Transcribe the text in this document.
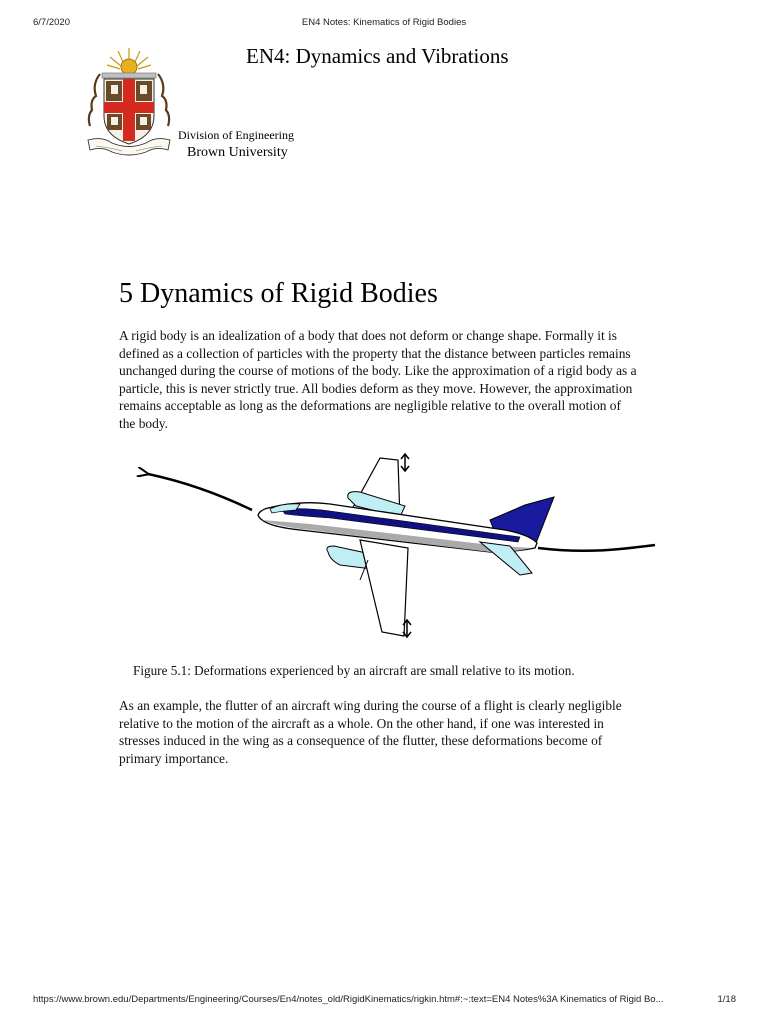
6/7/2020	EN4 Notes: Kinematics of Rigid Bodies
EN4: Dynamics and Vibrations
Division of Engineering
Brown University
5 Dynamics of Rigid Bodies

A rigid body is an idealization of a body that does not deform or change shape. Formally it is defined as a collection of particles with the property that the distance between particles remains unchanged during the course of motions of the body. Like the approximation of a rigid body as a particle, this is never strictly true. All bodies deform as they move. However, the approximation remains acceptable as long as the deformations are negligible relative to the overall motion of the body.

Figure 5.1: Deformations experienced by an aircraft are small relative to its motion.

As an example, the flutter of an aircraft wing during the course of a flight is clearly negligible relative to the motion of the aircraft as a whole. On the other hand, if one was interested in stresses induced in the wing as a consequence of the flutter, these deformations become of primary importance.

https://www.brown.edu/Departments/Engineering/Courses/En4/notes_old/RigidKinematics/rigkin.htm#:~:text=EN4 Notes%3A Kinematics of Rigid Bo...	1/18
